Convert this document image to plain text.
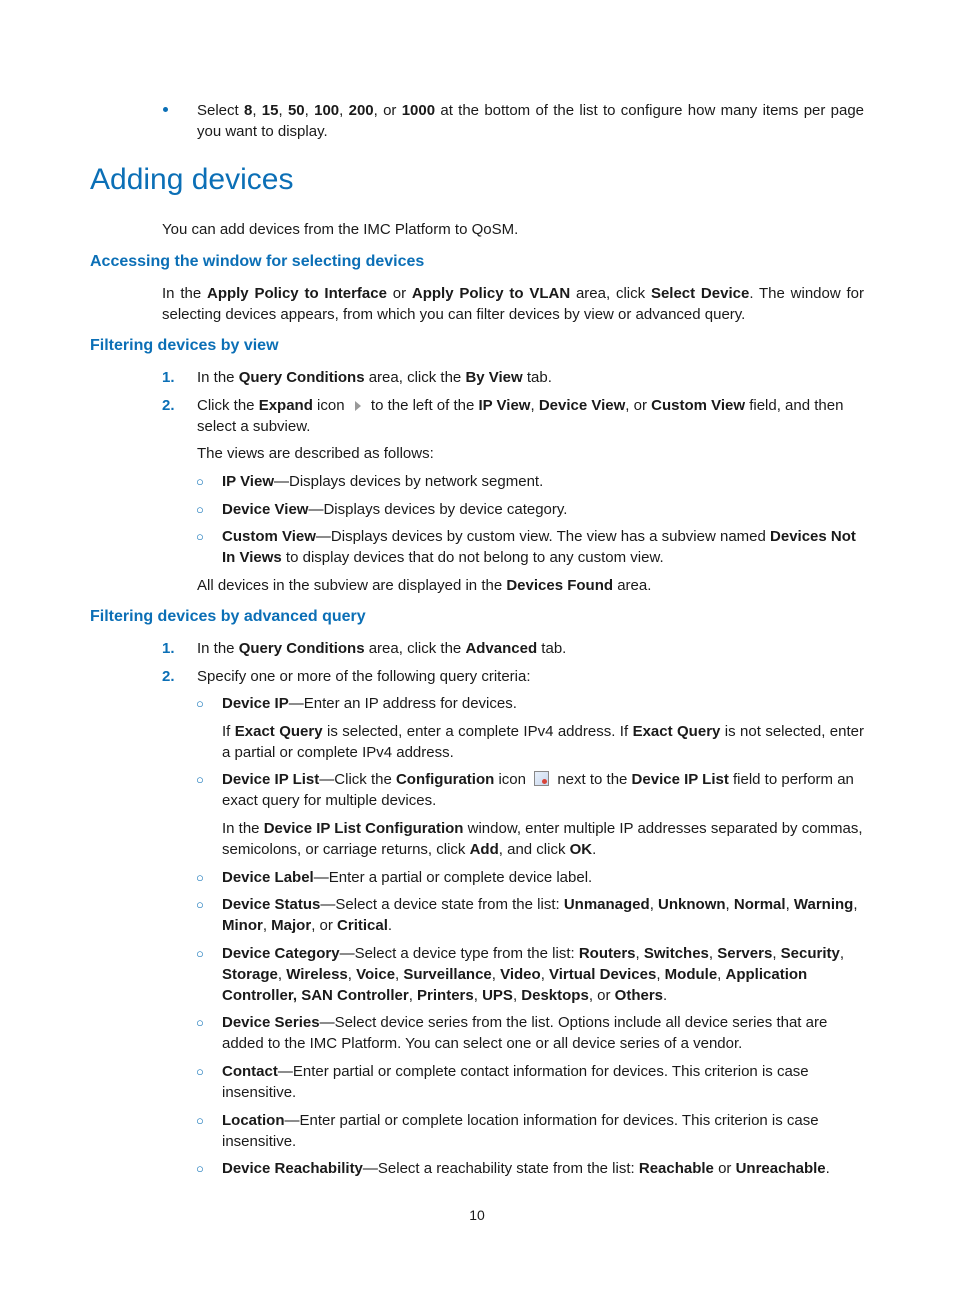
Select 8, 15, 50, 100, 200, or 1000 at the bottom of the list to configure how many items per page you want to display.
Adding devices
You can add devices from the IMC Platform to QoSM.
Accessing the window for selecting devices
In the Apply Policy to Interface or Apply Policy to VLAN area, click Select Device. The window for selecting devices appears, from which you can filter devices by view or advanced query.
Filtering devices by view
1. In the Query Conditions area, click the By View tab.
2. Click the Expand icon  to the left of the IP View, Device View, or Custom View field, and then select a subview.
The views are described as follows:
○ IP View—Displays devices by network segment.
○ Device View—Displays devices by device category.
○ Custom View—Displays devices by custom view. The view has a subview named Devices Not In Views to display devices that do not belong to any custom view.
All devices in the subview are displayed in the Devices Found area.
Filtering devices by advanced query
1. In the Query Conditions area, click the Advanced tab.
2. Specify one or more of the following query criteria:
○ Device IP—Enter an IP address for devices.
If Exact Query is selected, enter a complete IPv4 address. If Exact Query is not selected, enter a partial or complete IPv4 address.
○ Device IP List—Click the Configuration icon  next to the Device IP List field to perform an exact query for multiple devices.
In the Device IP List Configuration window, enter multiple IP addresses separated by commas, semicolons, or carriage returns, click Add, and click OK.
○ Device Label—Enter a partial or complete device label.
○ Device Status—Select a device state from the list: Unmanaged, Unknown, Normal, Warning, Minor, Major, or Critical.
○ Device Category—Select a device type from the list: Routers, Switches, Servers, Security, Storage, Wireless, Voice, Surveillance, Video, Virtual Devices, Module, Application Controller, SAN Controller, Printers, UPS, Desktops, or Others.
○ Device Series—Select device series from the list. Options include all device series that are added to the IMC Platform. You can select one or all device series of a vendor.
○ Contact—Enter partial or complete contact information for devices. This criterion is case insensitive.
○ Location—Enter partial or complete location information for devices. This criterion is case insensitive.
○ Device Reachability—Select a reachability state from the list: Reachable or Unreachable.
10
